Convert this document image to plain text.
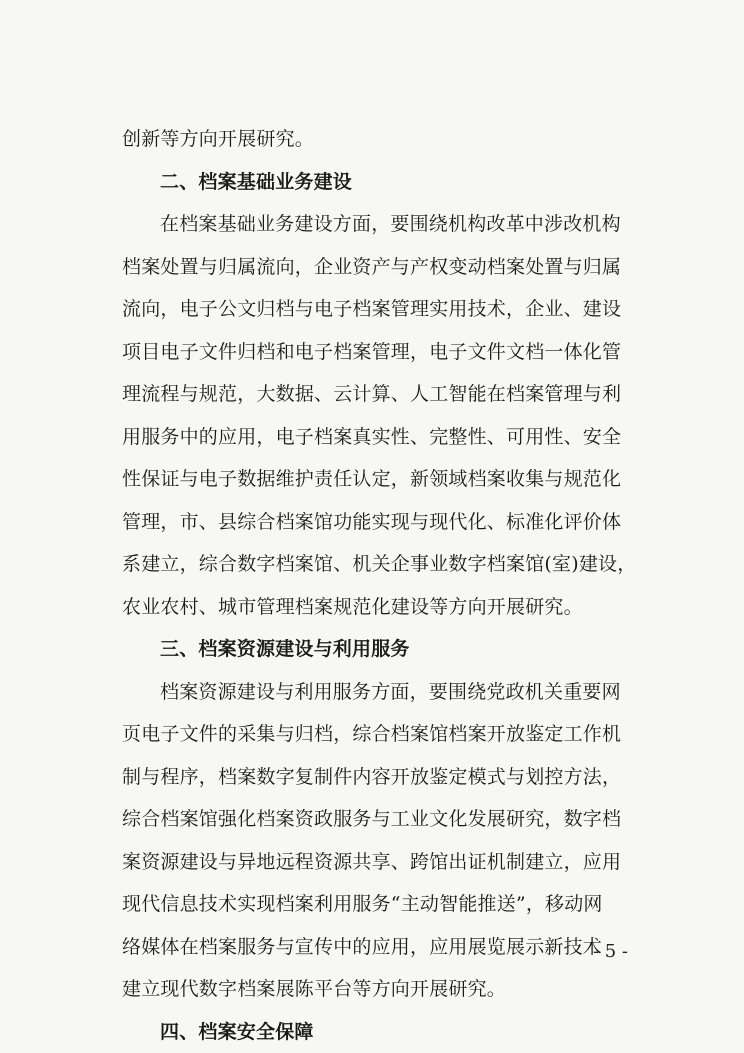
创新等方向开展研究。
二、档案基础业务建设
在档案基础业务建设方面，要围绕机构改革中涉改机构
档案处置与归属流向，企业资产与产权变动档案处置与归属
流向，电子公文归档与电子档案管理实用技术，企业、建设
项目电子文件归档和电子档案管理，电子文件文档一体化管
理流程与规范，大数据、云计算、人工智能在档案管理与利
用服务中的应用，电子档案真实性、完整性、可用性、安全
性保证与电子数据维护责任认定，新领域档案收集与规范化
管理，市、县综合档案馆功能实现与现代化、标准化评价体
系建立，综合数字档案馆、机关企事业数字档案馆(室)建设，
农业农村、城市管理档案规范化建设等方向开展研究。
三、档案资源建设与利用服务
档案资源建设与利用服务方面，要围绕党政机关重要网
页电子文件的采集与归档，综合档案馆档案开放鉴定工作机
制与程序，档案数字复制件内容开放鉴定模式与划控方法，
综合档案馆强化档案资政服务与工业文化发展研究，数字档
案资源建设与异地远程资源共享、跨馆出证机制建立，应用
现代信息技术实现档案利用服务“主动智能推送”，移动网
络媒体在档案服务与宣传中的应用，应用展览展示新技术
建立现代数字档案展陈平台等方向开展研究。
四、档案安全保障
- 5 -
